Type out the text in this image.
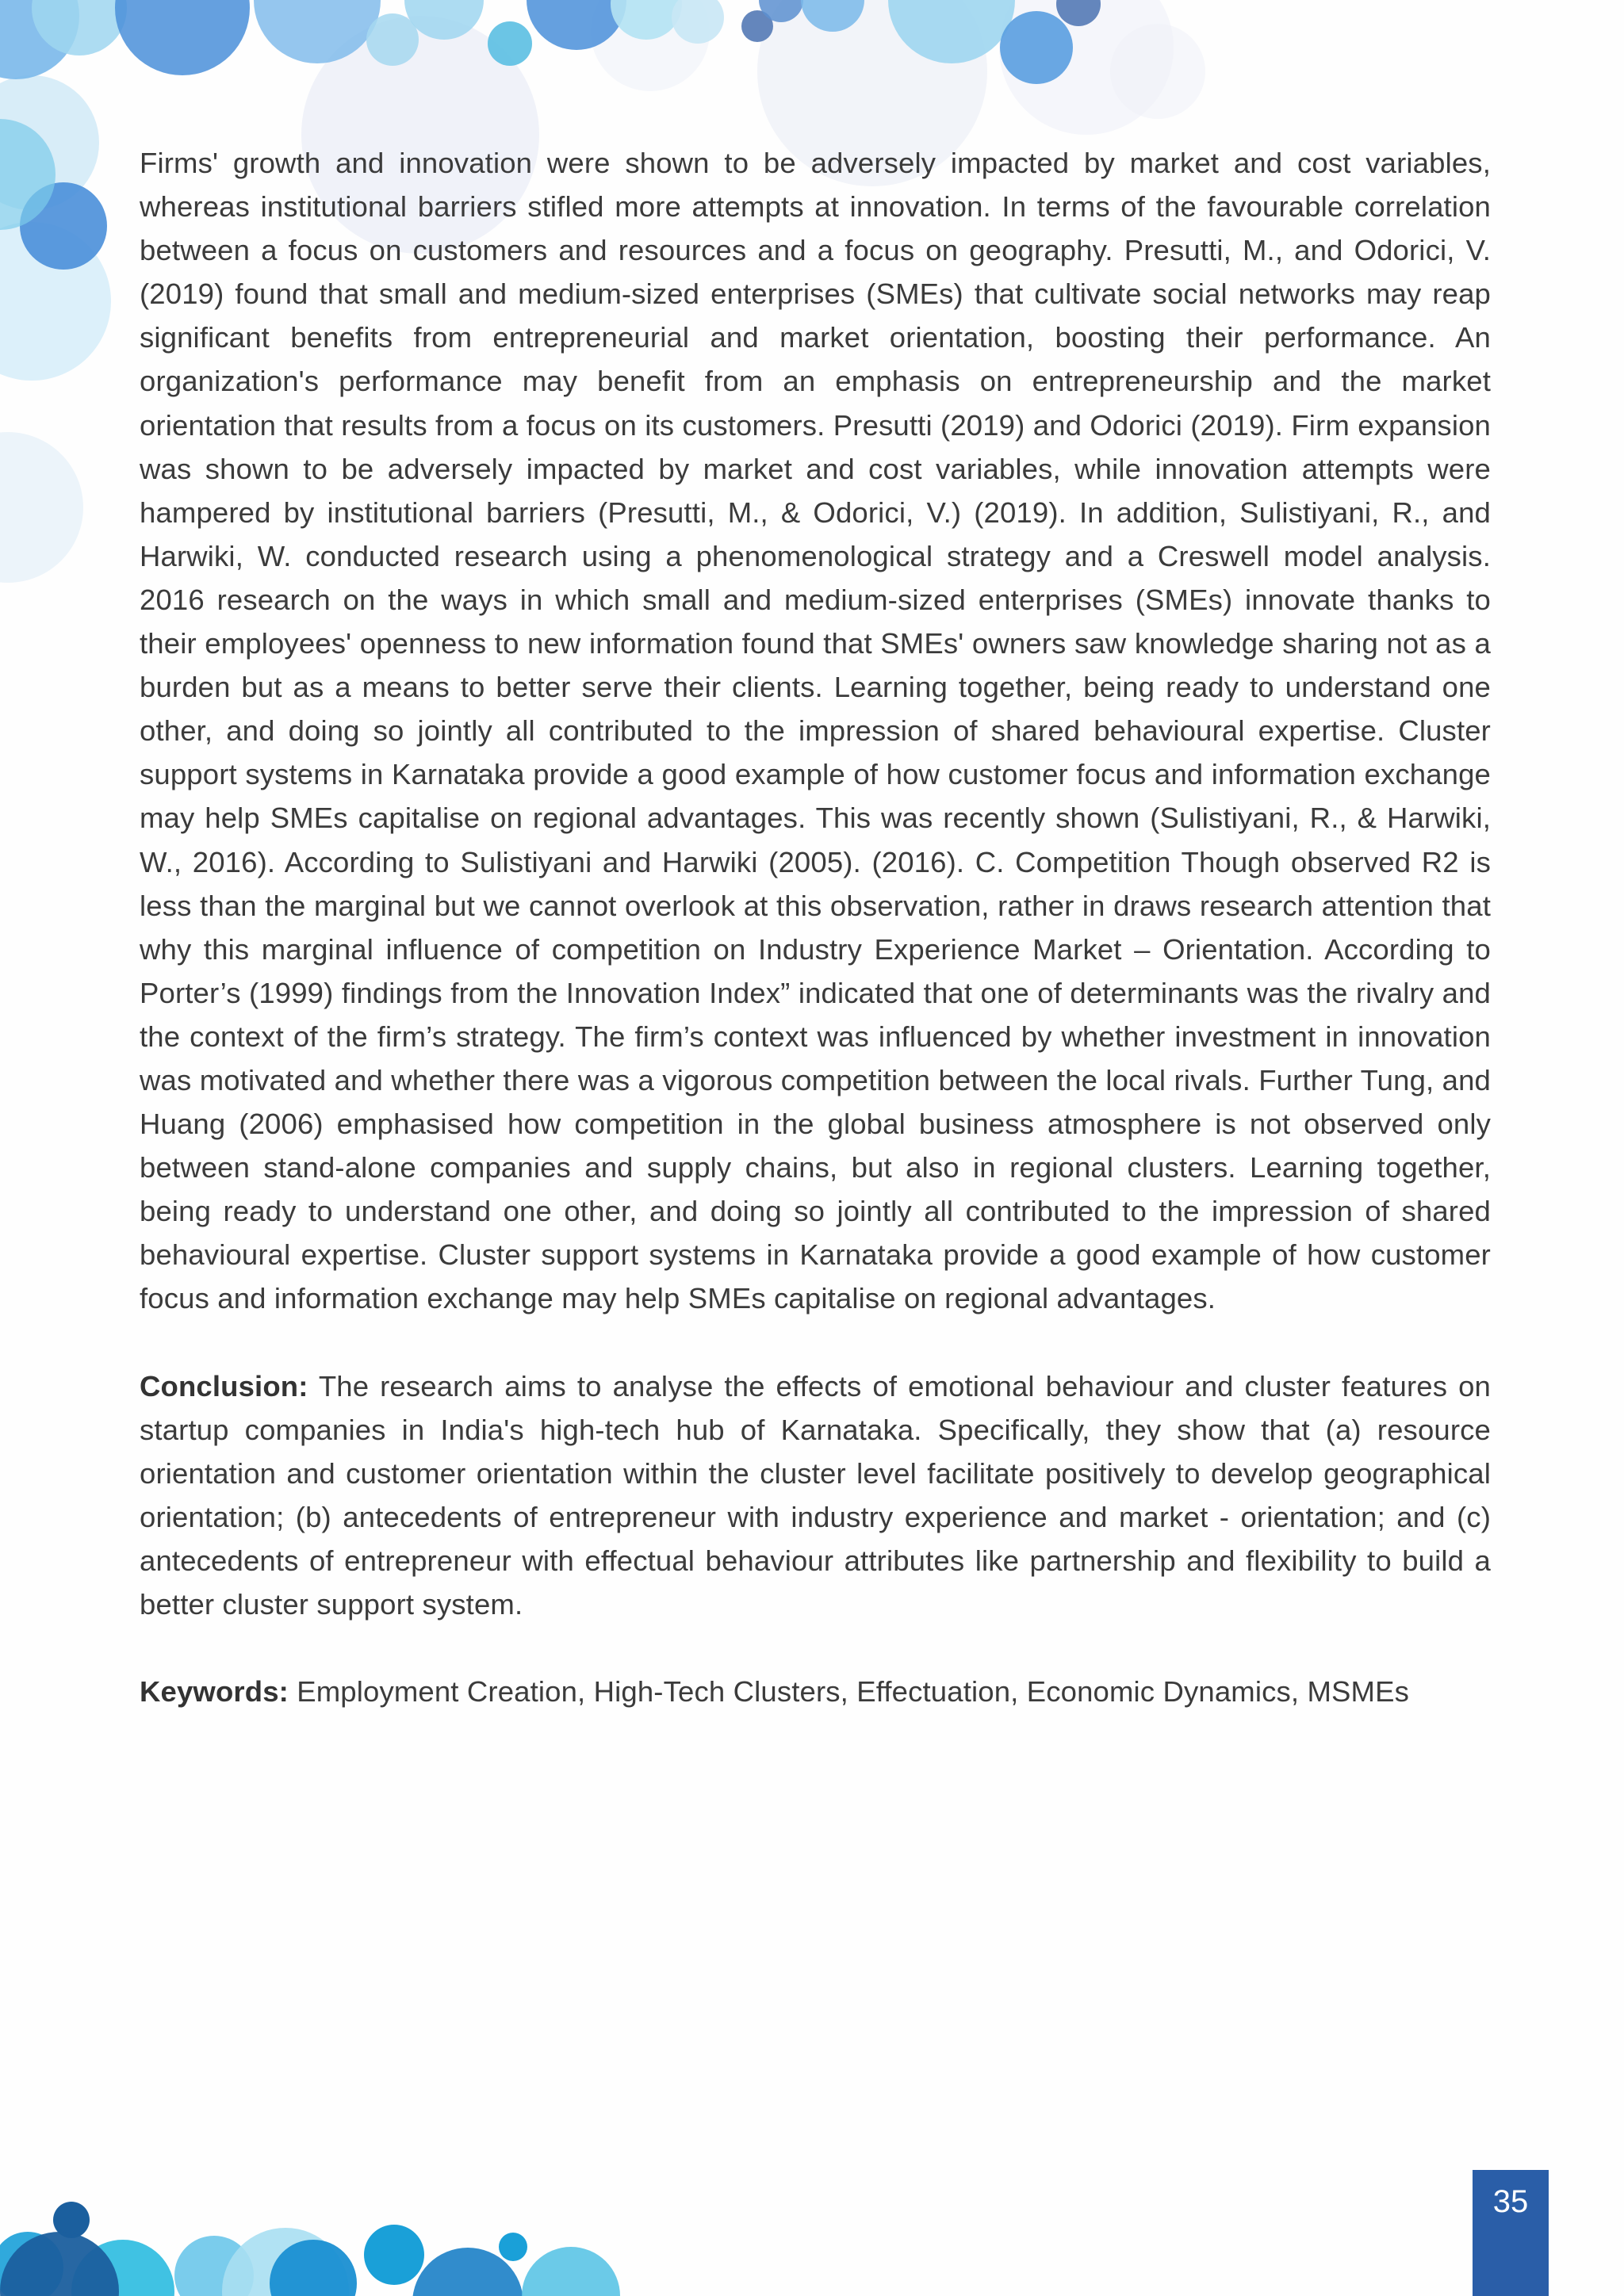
Firms' growth and innovation were shown to be adversely impacted by market and cost variables, whereas institutional barriers stifled more attempts at innovation. In terms of the favourable correlation between a focus on customers and resources and a focus on geography. Presutti, M., and Odorici, V. (2019) found that small and medium-sized enterprises (SMEs) that cultivate social networks may reap significant benefits from entrepreneurial and market orientation, boosting their performance. An organization's performance may benefit from an emphasis on entrepreneurship and the market orientation that results from a focus on its customers. Presutti (2019) and Odorici (2019). Firm expansion was shown to be adversely impacted by market and cost variables, while innovation attempts were hampered by institutional barriers (Presutti, M., & Odorici, V.) (2019). In addition, Sulistiyani, R., and Harwiki, W. conducted research using a phenomenological strategy and a Creswell model analysis. 2016 research on the ways in which small and medium-sized enterprises (SMEs) innovate thanks to their employees' openness to new information found that SMEs' owners saw knowledge sharing not as a burden but as a means to better serve their clients. Learning together, being ready to understand one other, and doing so jointly all contributed to the impression of shared behavioural expertise. Cluster support systems in Karnataka provide a good example of how customer focus and information exchange may help SMEs capitalise on regional advantages. This was recently shown (Sulistiyani, R., & Harwiki, W., 2016). According to Sulistiyani and Harwiki (2005). (2016). C. Competition Though observed R2 is less than the marginal but we cannot overlook at this observation, rather in draws research attention that why this marginal influence of competition on Industry Experience Market – Orientation. According to Porter’s (1999) findings from the Innovation Index” indicated that one of determinants was the rivalry and the context of the firm’s strategy. The firm’s context was influenced by whether investment in innovation was motivated and whether there was a vigorous competition between the local rivals. Further Tung, and Huang (2006) emphasised how competition in the global business atmosphere is not observed only between stand-alone companies and supply chains, but also in regional clusters. Learning together, being ready to understand one other, and doing so jointly all contributed to the impression of shared behavioural expertise. Cluster support systems in Karnataka provide a good example of how customer focus and information exchange may help SMEs capitalise on regional advantages.

Conclusion: The research aims to analyse the effects of emotional behaviour and cluster features on startup companies in India's high-tech hub of Karnataka. Specifically, they show that (a) resource orientation and customer orientation within the cluster level facilitate positively to develop geographical orientation; (b) antecedents of entrepreneur with industry experience and market - orientation; and (c) antecedents of entrepreneur with effectual behaviour attributes like partnership and flexibility to build a better cluster support system.

Keywords: Employment Creation, High-Tech Clusters, Effectuation, Economic Dynamics, MSMEs

35
